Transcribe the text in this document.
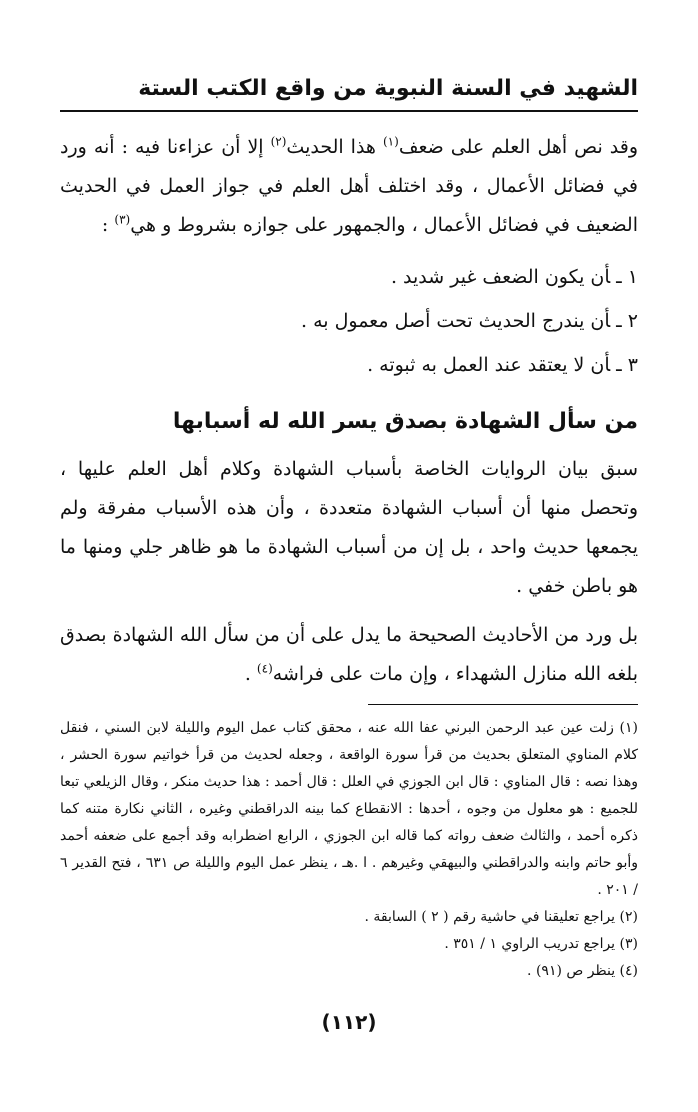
الشهيد في السنة النبوية من واقع الكتب الستة

وقد نص أهل العلم على ضعف$^{(١)}$ هذا الحديث$^{(٢)}$ إلا أن عزاءنا فيه : أنه ورد في فضائل الأعمال ، وقد اختلف أهل العلم في جواز العمل في الحديث الضعيف في فضائل الأعمال ، والجمهور على جوازه بشروط و هي$^{(٣)}$ :

١ ـأن يكون الضعف غير شديد .
٢ ـأن يندرج الحديث تحت أصل معمول به .
٣ ـأن لا يعتقد عند العمل به ثبوته .
من سأل الشهادة بصدق يسر الله له أسبابها

سبق بيان الروايات الخاصة بأسباب الشهادة وكلام أهل العلم عليها ، وتحصل منها أن أسباب الشهادة متعددة ، وأن هذه الأسباب مفرقة ولم يجمعها حديث واحد ، بل إن من أسباب الشهادة ما هو ظاهر جلي ومنها ما هو باطن خفي .

بل ورد من الأحاديث الصحيحة ما يدل على أن من سأل الله الشهادة بصدق بلغه الله منازل الشهداء ، وإن مات على فراشه$^{(٤)}$ .

(١) زلت عين عبد الرحمن البرني عفا الله عنه ، محقق كتاب عمل اليوم والليلة لابن السني ، فنقل كلام المناوي المتعلق بحديث من قرأ سورة الواقعة ، وجعله لحديث من قرأ خواتيم سورة الحشر ، وهذا نصه : قال المناوي : قال ابن الجوزي في العلل : قال أحمد : هذا حديث منكر ، وقال الزيلعي تبعا للجميع : هو معلول من وجوه ، أحدها : الانقطاع كما بينه الدراقطني وغيره ، الثاني نكارة متنه كما ذكره أحمد ، والثالث ضعف رواته كما قاله ابن الجوزي ، الرابع اضطرابه وقد أجمع على ضعفه أحمد وأبو حاتم وابنه والدراقطني والبيهقي وغيرهم . ا .هـ ، ينظر عمل اليوم والليلة ص ٦٣١ ، فتح القدير ٦ / ٢٠١ .

(٢) يراجع تعليقنا في حاشية رقم ( ٢ ) السابقة .

(٣) يراجع تدريب الراوي ١ / ٣٥١ .

(٤) ينظر ص (٩١) .

(١١٢)
